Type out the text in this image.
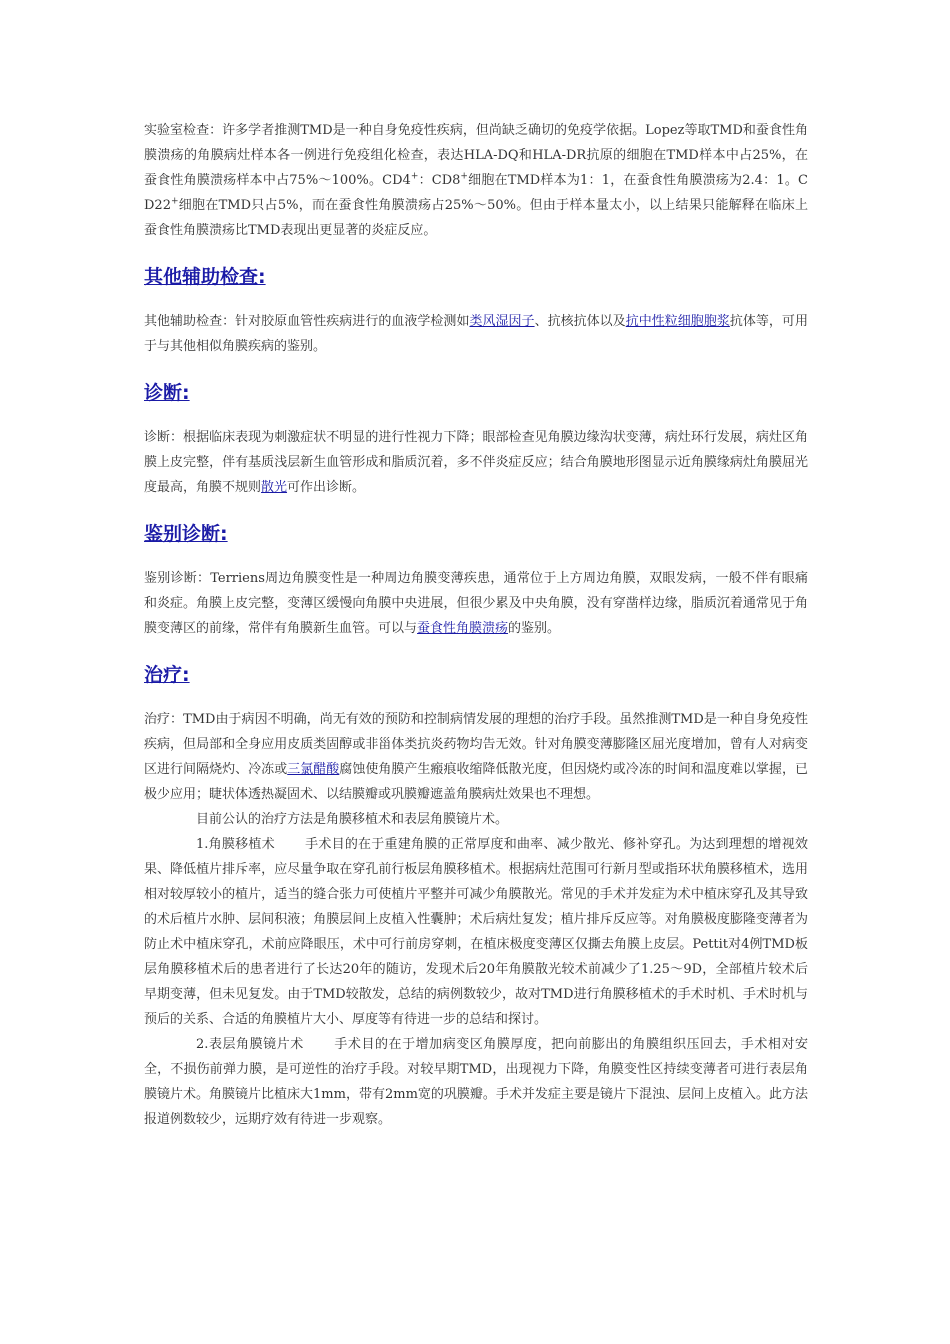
实验室检查：许多学者推测TMD是一种自身免疫性疾病，但尚缺乏确切的免疫学依据。Lopez等取TMD和蚕食性角膜溃疡的角膜病灶样本各一例进行免疫组化检查，表达HLA-DQ和HLA-DR抗原的细胞在TMD样本中占25%，在蚕食性角膜溃疡样本中占75%～100%。CD4+：CD8+细胞在TMD样本为1：1，在蚕食性角膜溃疡为2.4：1。CD22+细胞在TMD只占5%，而在蚕食性角膜溃疡占25%～50%。但由于样本量太小，以上结果只能解释在临床上蚕食性角膜溃疡比TMD表现出更显著的炎症反应。

其他辅助检查:

其他辅助检查：针对胶原血管性疾病进行的血液学检测如类风湿因子、抗核抗体以及抗中性粒细胞胞浆抗体等，可用于与其他相似角膜疾病的鉴别。

诊断:

诊断：根据临床表现为刺激症状不明显的进行性视力下降；眼部检查见角膜边缘沟状变薄，病灶环行发展，病灶区角膜上皮完整，伴有基质浅层新生血管形成和脂质沉着，多不伴炎症反应；结合角膜地形图显示近角膜缘病灶角膜屈光度最高，角膜不规则散光可作出诊断。

鉴别诊断:

鉴别诊断：Terriens周边角膜变性是一种周边角膜变薄疾患，通常位于上方周边角膜，双眼发病，一般不伴有眼痛和炎症。角膜上皮完整，变薄区缓慢向角膜中央进展，但很少累及中央角膜，没有穿凿样边缘，脂质沉着通常见于角膜变薄区的前缘，常伴有角膜新生血管。可以与蚕食性角膜溃疡的鉴别。

治疗:

治疗：TMD由于病因不明确，尚无有效的预防和控制病情发展的理想的治疗手段。虽然推测TMD是一种自身免疫性疾病，但局部和全身应用皮质类固醇或非甾体类抗炎药物均告无效。针对角膜变薄膨隆区屈光度增加，曾有人对病变区进行间隔烧灼、冷冻或三氯醋酸腐蚀使角膜产生瘢痕收缩降低散光度，但因烧灼或冷冻的时间和温度难以掌握，已极少应用；睫状体透热凝固术、以结膜瓣或巩膜瓣遮盖角膜病灶效果也不理想。

目前公认的治疗方法是角膜移植术和表层角膜镜片术。

1.角膜移植术 手术目的在于重建角膜的正常厚度和曲率、减少散光、修补穿孔。为达到理想的增视效果、降低植片排斥率，应尽量争取在穿孔前行板层角膜移植术。根据病灶范围可行新月型或指环状角膜移植术，选用相对较厚较小的植片，适当的缝合张力可使植片平整并可减少角膜散光。常见的手术并发症为术中植床穿孔及其导致的术后植片水肿、层间积液；角膜层间上皮植入性囊肿；术后病灶复发；植片排斥反应等。对角膜极度膨隆变薄者为防止术中植床穿孔，术前应降眼压，术中可行前房穿刺，在植床极度变薄区仅撕去角膜上皮层。Pettit对4例TMD板层角膜移植术后的患者进行了长达20年的随访，发现术后20年角膜散光较术前减少了1.25～9D，全部植片较术后早期变薄，但未见复发。由于TMD较散发，总结的病例数较少，故对TMD进行角膜移植术的手术时机、手术时机与预后的关系、合适的角膜植片大小、厚度等有待进一步的总结和探讨。

2.表层角膜镜片术 手术目的在于增加病变区角膜厚度，把向前膨出的角膜组织压回去，手术相对安全，不损伤前弹力膜，是可逆性的治疗手段。对较早期TMD，出现视力下降，角膜变性区持续变薄者可进行表层角膜镜片术。角膜镜片比植床大1mm，带有2mm宽的巩膜瓣。手术并发症主要是镜片下混浊、层间上皮植入。此方法报道例数较少，远期疗效有待进一步观察。
